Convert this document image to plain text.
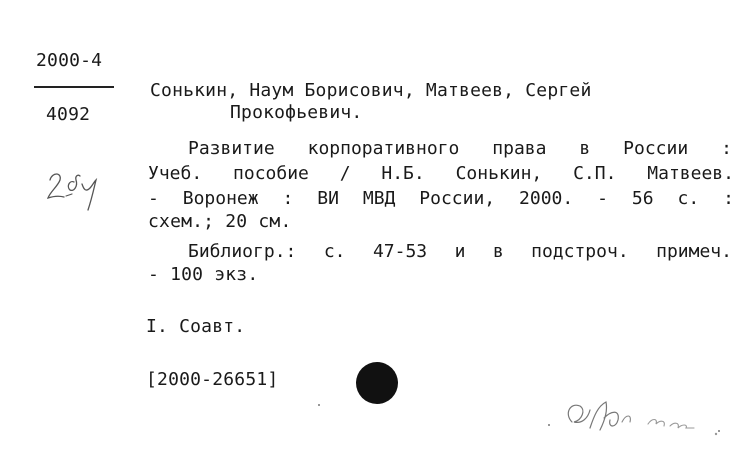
2000-4
4092
Сонькин, Наум Борисович, Матвеев, Сергей
Прокофьевич.
Развитие корпоративного права в России :
Учеб. пособие / Н.Б. Сонькин, С.П. Матвеев.
- Воронеж : ВИ МВД России, 2000. - 56 с. :
схем.; 20 см.
Библиогр.: с. 47-53 и в подстроч. примеч.
- 100 экз.
I. Соавт.
[2000-26651]
